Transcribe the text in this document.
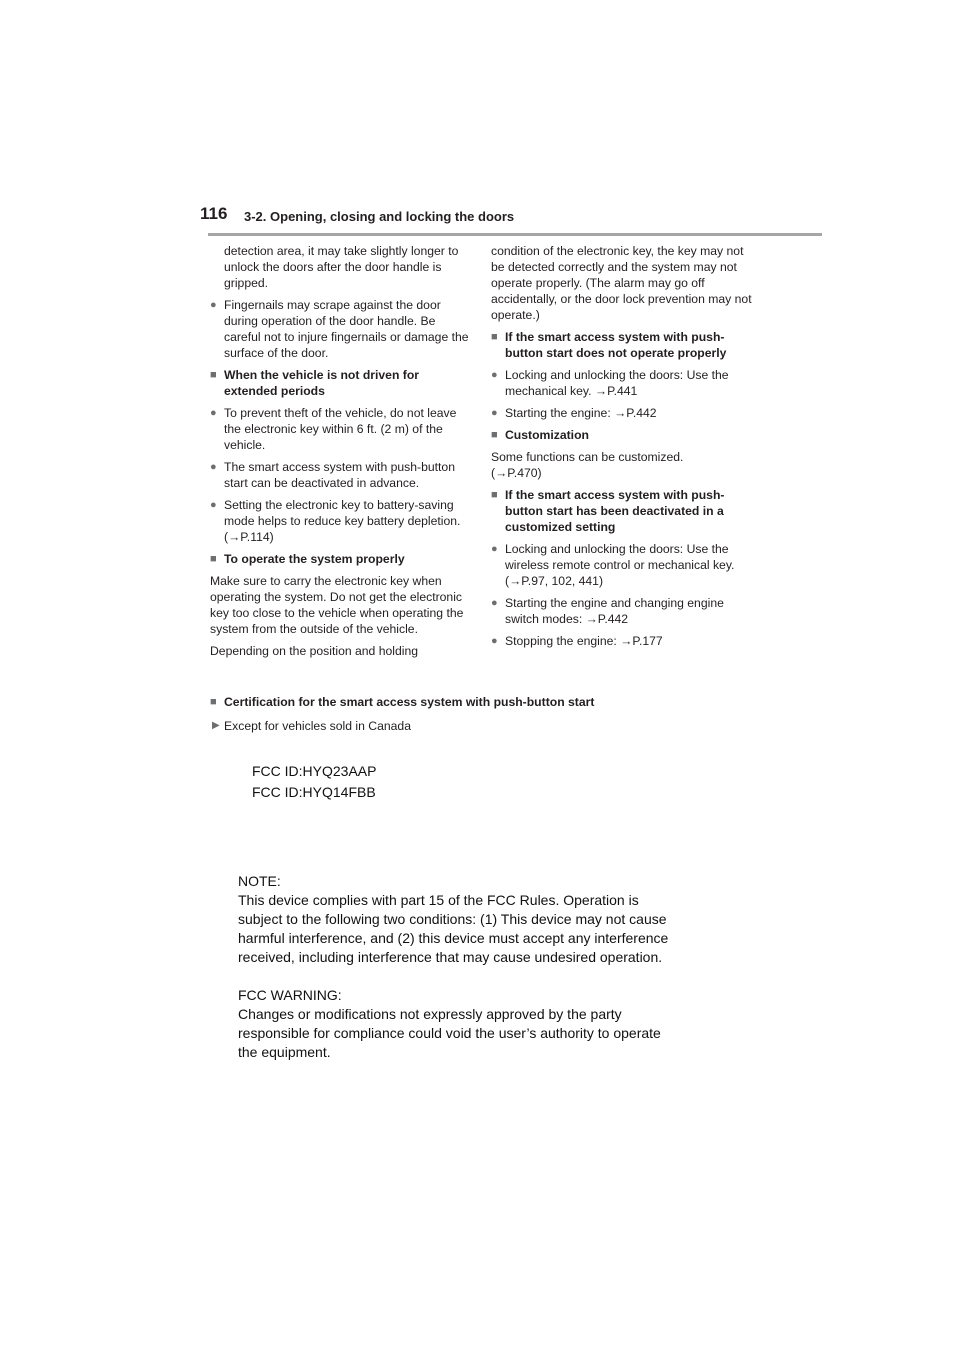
116 3-2. Opening, closing and locking the doors
detection area, it may take slightly longer to unlock the doors after the door handle is gripped.
● Fingernails may scrape against the door during operation of the door handle. Be careful not to injure fingernails or damage the surface of the door.
■ When the vehicle is not driven for extended periods
● To prevent theft of the vehicle, do not leave the electronic key within 6 ft. (2 m) of the vehicle.
● The smart access system with push-button start can be deactivated in advance.
● Setting the electronic key to battery-saving mode helps to reduce key battery depletion. (→P.114)
■ To operate the system properly
Make sure to carry the electronic key when operating the system. Do not get the electronic key too close to the vehicle when operating the system from the outside of the vehicle.
Depending on the position and holding
condition of the electronic key, the key may not be detected correctly and the system may not operate properly. (The alarm may go off accidentally, or the door lock prevention may not operate.)
■ If the smart access system with push-button start does not operate properly
● Locking and unlocking the doors: Use the mechanical key. →P.441
● Starting the engine: →P.442
■ Customization
Some functions can be customized.
(→P.470)
■ If the smart access system with push-button start has been deactivated in a customized setting
● Locking and unlocking the doors: Use the wireless remote control or mechanical key. (→P.97, 102, 441)
● Starting the engine and changing engine switch modes: →P.442
● Stopping the engine: →P.177
■ Certification for the smart access system with push-button start
▶ Except for vehicles sold in Canada
FCC ID:HYQ23AAP
FCC ID:HYQ14FBB
NOTE:
This device complies with part 15 of the FCC Rules. Operation is
subject to the following two conditions: (1) This device may not cause
harmful interference, and (2) this device must accept any interference
received, including interference that may cause undesired operation.
FCC WARNING:
Changes or modifications not expressly approved by the party
responsible for compliance could void the user’s authority to operate
the equipment.
